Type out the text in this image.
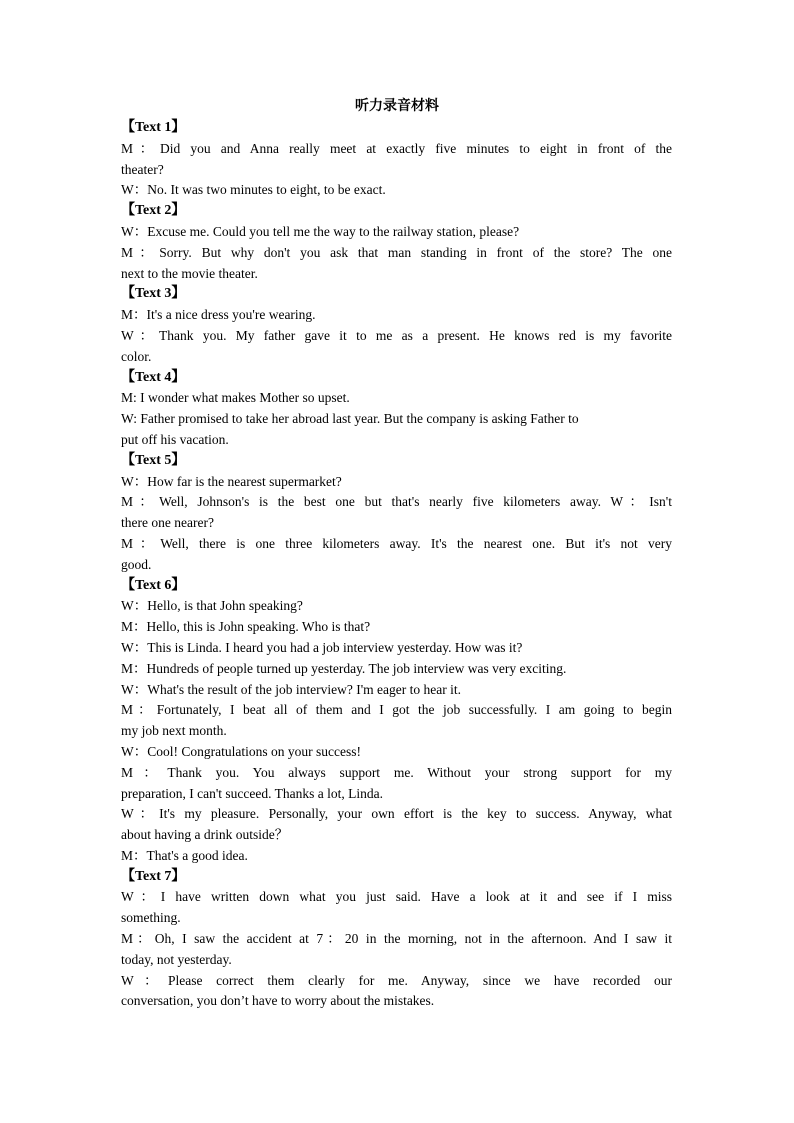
听力录音材料
【Text 1】
M：Did you and Anna really meet at exactly five minutes to eight in front of the
theater?
W：No. It was two minutes to eight, to be exact.
【Text 2】
W：Excuse me. Could you tell me the way to the railway station, please?
M：Sorry. But why don't you ask that man standing in front of the store? The one
next to the movie theater.
【Text 3】
M：It's a nice dress you're wearing.
W：Thank you. My father gave it to me as a present. He knows red is my favorite
color.
【Text 4】
M: I wonder what makes Mother so upset.
W: Father promised to take her abroad last year. But the company is asking Father to
put off his vacation.
【Text 5】
W：How far is the nearest supermarket?
M：Well, Johnson's is the best one but that's nearly five kilometers away. W：Isn't
there one nearer?
M：Well, there is one three kilometers away. It's the nearest one. But it's not very
good.
【Text 6】
W：Hello, is that John speaking?
M：Hello, this is John speaking. Who is that?
W：This is Linda. I heard you had a job interview yesterday. How was it?
M：Hundreds of people turned up yesterday. The job interview was very exciting.
W：What's the result of the job interview? I'm eager to hear it.
M：Fortunately, I beat all of them and I got the job successfully. I am going to begin
my job next month.
W：Cool! Congratulations on your success!
M：Thank you. You always support me. Without your strong support for my
preparation, I can't succeed. Thanks a lot, Linda.
W：It's my pleasure. Personally, your own effort is the key to success. Anyway, what
about having a drink outside？
M：That's a good idea.
【Text 7】
W：I have written down what you just said. Have a look at it and see if I miss
something.
M：Oh, I saw the accident at 7：20 in the morning, not in the afternoon. And I saw it
today, not yesterday.
W：Please correct them clearly for me. Anyway, since we have recorded our
conversation, you don’t have to worry about the mistakes.
